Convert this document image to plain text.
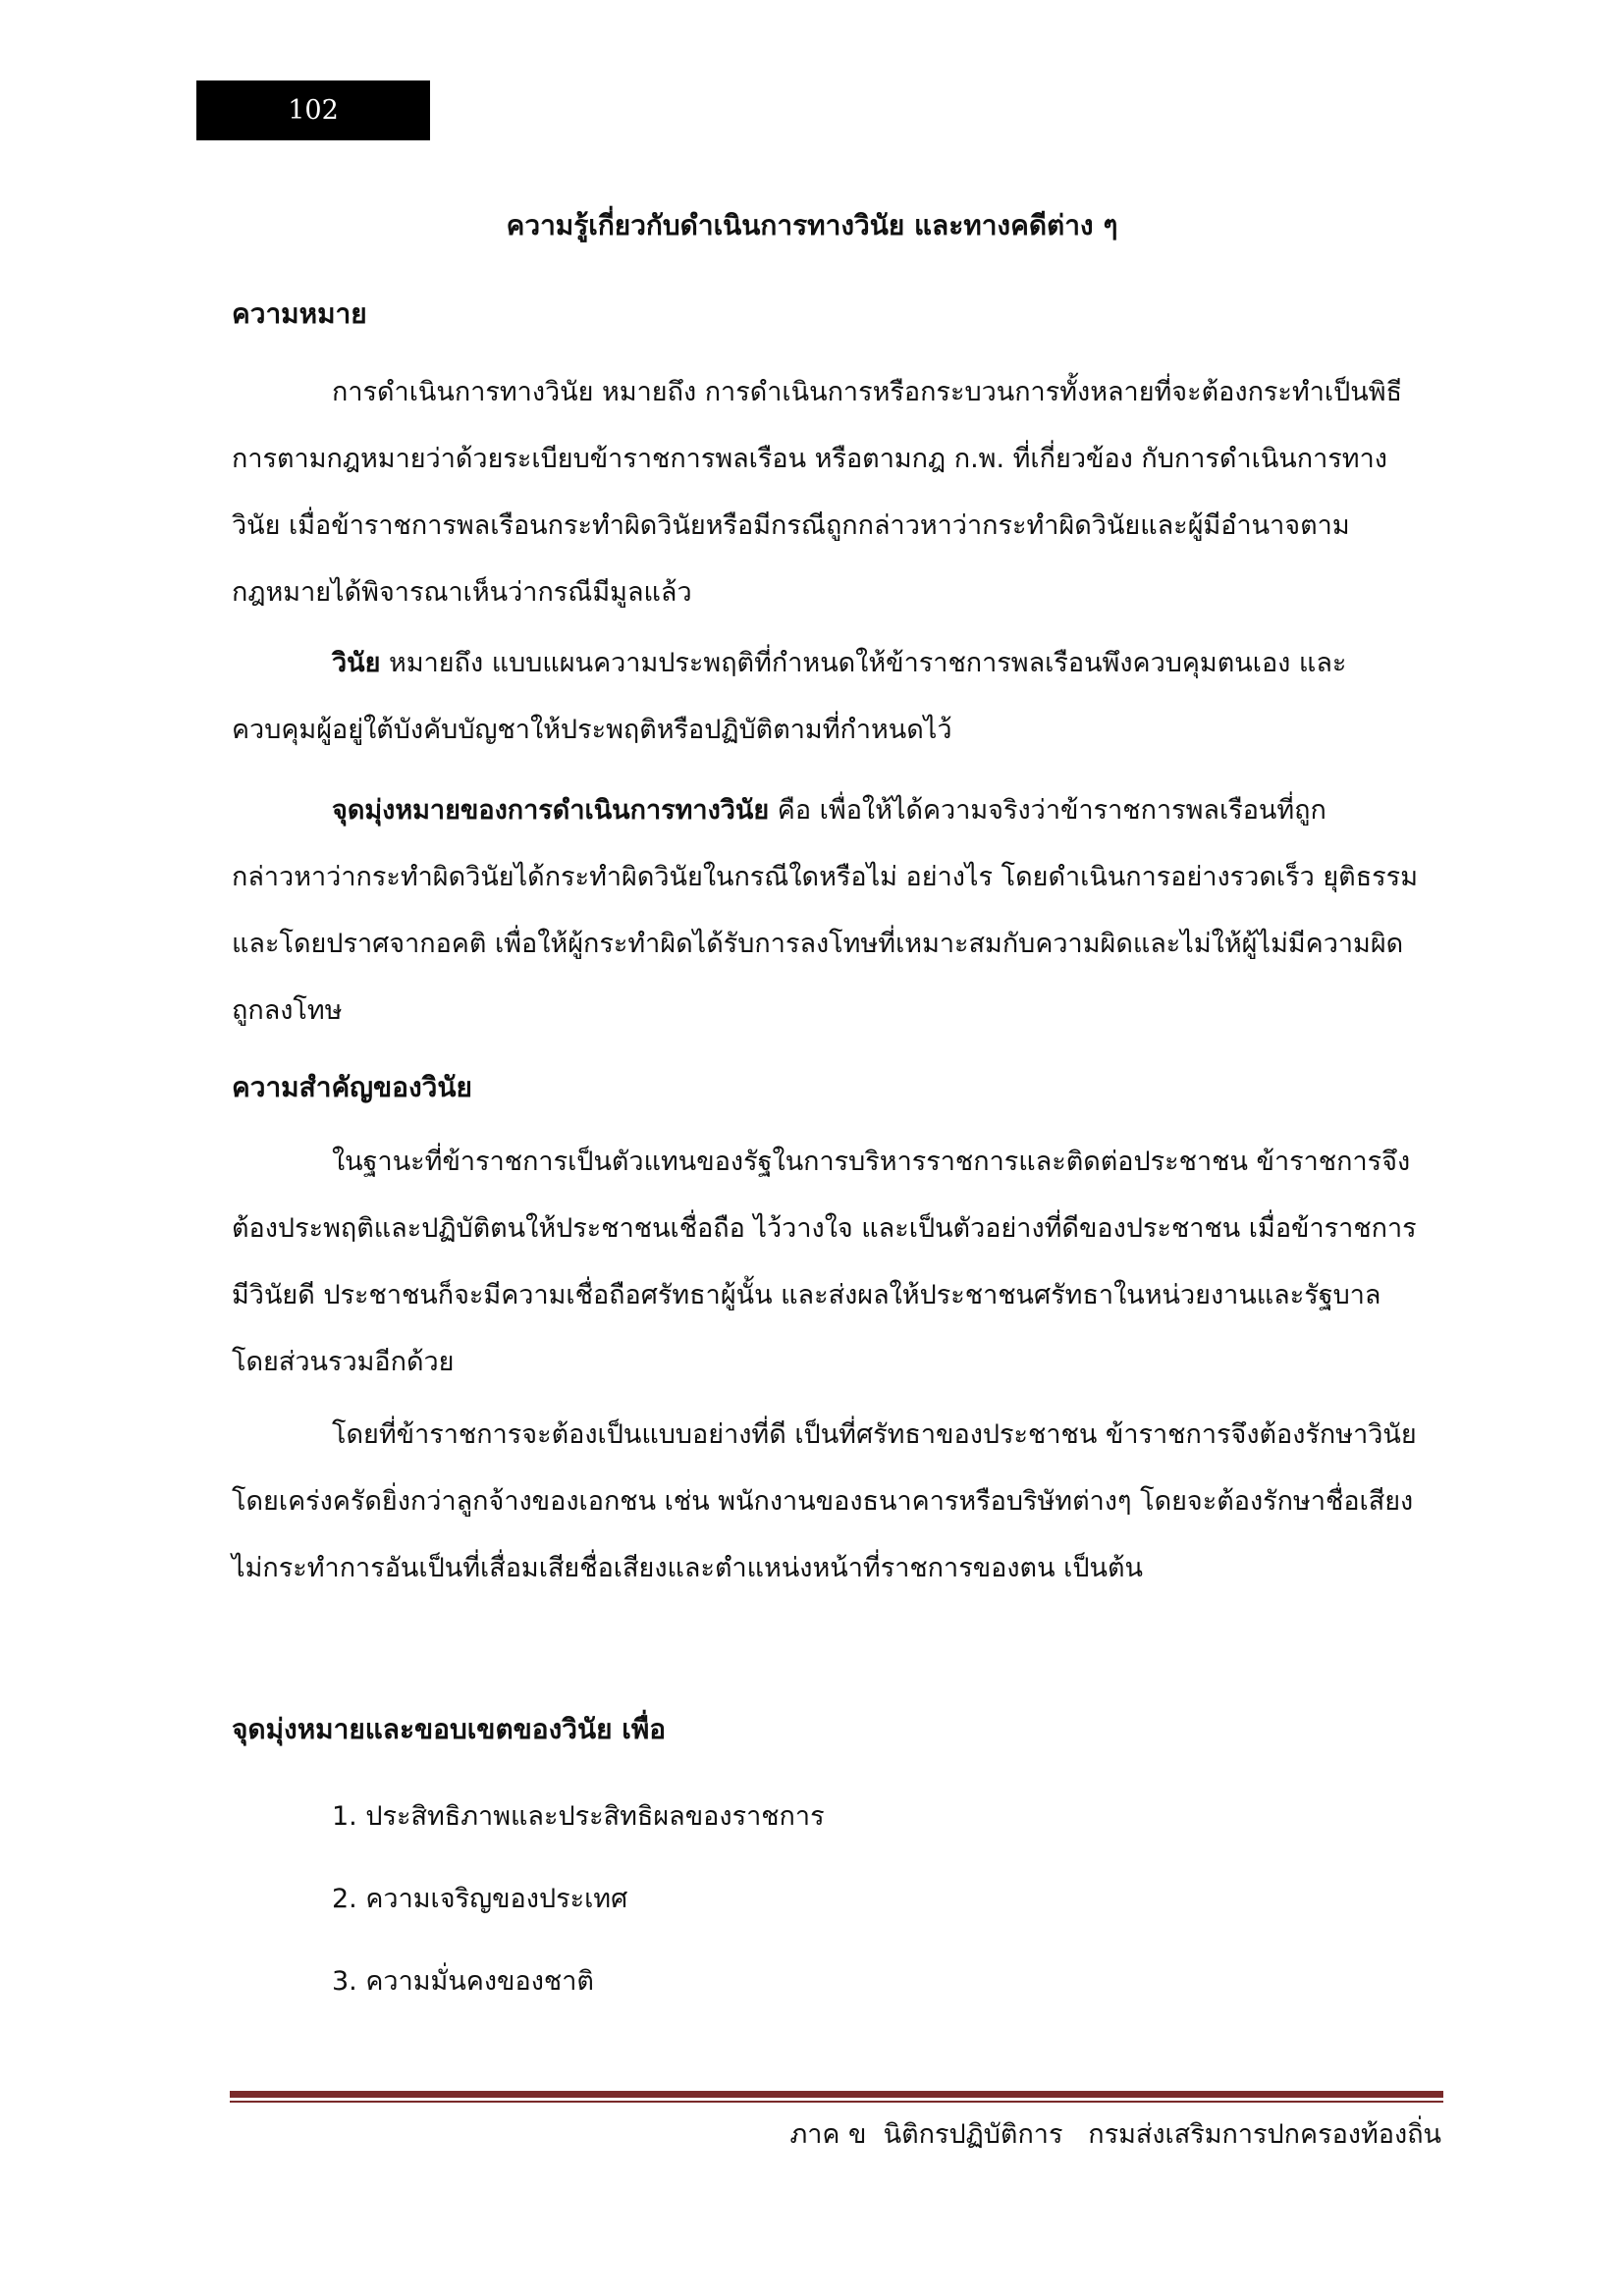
102
ความรู้เกี่ยวกับดำเนินการทางวินัย และทางคดีต่าง ๆ
ความหมาย
การดำเนินการทางวินัย หมายถึง การดำเนินการหรือกระบวนการทั้งหลายที่จะต้องกระทำเป็นพิธี
การตามกฎหมายว่าด้วยระเบียบข้าราชการพลเรือน หรือตามกฎ ก.พ. ที่เกี่ยวข้อง กับการดำเนินการทาง
วินัย เมื่อข้าราชการพลเรือนกระทำผิดวินัยหรือมีกรณีถูกกล่าวหาว่ากระทำผิดวินัยและผู้มีอำนาจตาม
กฎหมายได้พิจารณาเห็นว่ากรณีมีมูลแล้ว
วินัย หมายถึง แบบแผนความประพฤติที่กำหนดให้ข้าราชการพลเรือนพึงควบคุมตนเอง และ
ควบคุมผู้อยู่ใต้บังคับบัญชาให้ประพฤติหรือปฏิบัติตามที่กำหนดไว้
จุดมุ่งหมายของการดำเนินการทางวินัย คือ เพื่อให้ได้ความจริงว่าข้าราชการพลเรือนที่ถูก
กล่าวหาว่ากระทำผิดวินัยได้กระทำผิดวินัยในกรณีใดหรือไม่ อย่างไร โดยดำเนินการอย่างรวดเร็ว ยุติธรรม
และโดยปราศจากอคติ เพื่อให้ผู้กระทำผิดได้รับการลงโทษที่เหมาะสมกับความผิดและไม่ให้ผู้ไม่มีความผิด
ถูกลงโทษ
ความสำคัญของวินัย
ในฐานะที่ข้าราชการเป็นตัวแทนของรัฐในการบริหารราชการและติดต่อประชาชน ข้าราชการจึง
ต้องประพฤติและปฏิบัติตนให้ประชาชนเชื่อถือ ไว้วางใจ และเป็นตัวอย่างที่ดีของประชาชน เมื่อข้าราชการ
มีวินัยดี ประชาชนก็จะมีความเชื่อถือศรัทธาผู้นั้น และส่งผลให้ประชาชนศรัทธาในหน่วยงานและรัฐบาล
โดยส่วนรวมอีกด้วย
โดยที่ข้าราชการจะต้องเป็นแบบอย่างที่ดี เป็นที่ศรัทธาของประชาชน ข้าราชการจึงต้องรักษาวินัย
โดยเคร่งครัดยิ่งกว่าลูกจ้างของเอกชน เช่น พนักงานของธนาคารหรือบริษัทต่างๆ โดยจะต้องรักษาชื่อเสียง
ไม่กระทำการอันเป็นที่เสื่อมเสียชื่อเสียงและตำแหน่งหน้าที่ราชการของตน เป็นต้น
จุดมุ่งหมายและขอบเขตของวินัย เพื่อ
1. ประสิทธิภาพและประสิทธิผลของราชการ
2. ความเจริญของประเทศ
3. ความมั่นคงของชาติ
ภาค ข  นิติกรปฏิบัติการ   กรมส่งเสริมการปกครองท้องถิ่น
